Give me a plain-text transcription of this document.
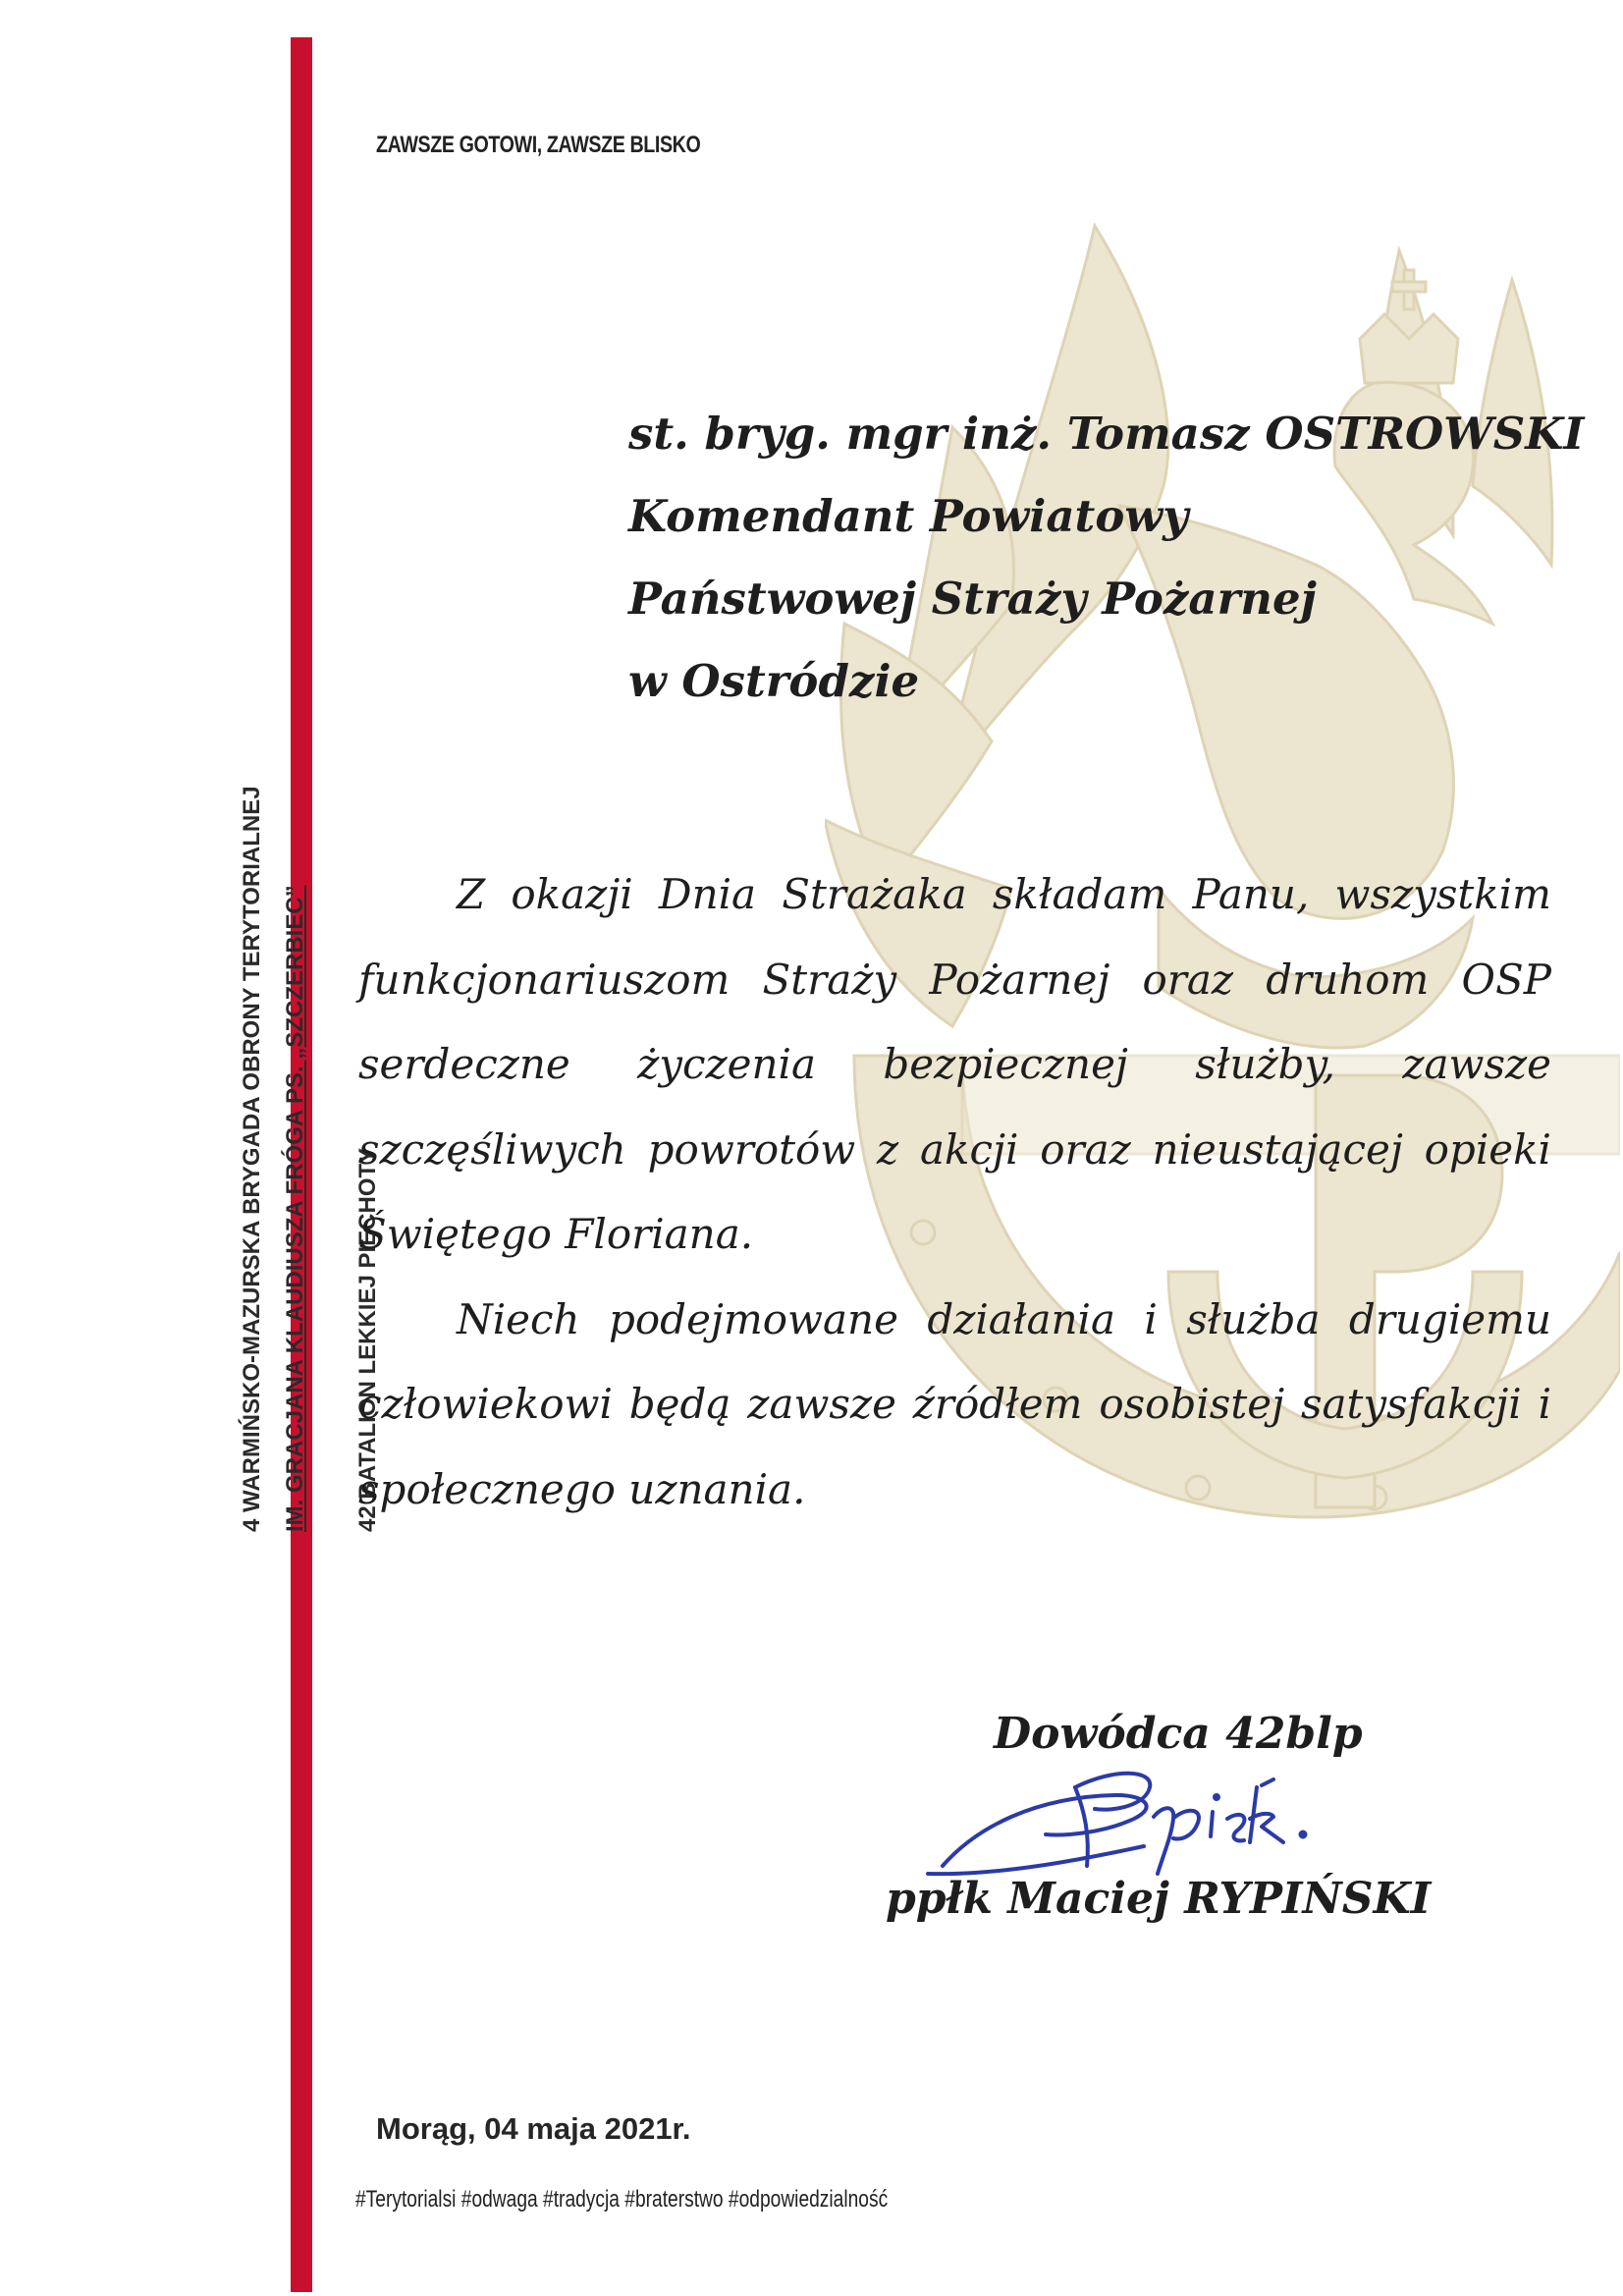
ZAWSZE GOTOWI, ZAWSZE BLISKO
4 WARMIŃSKO-MAZURSKA BRYGADA OBRONY TERYTORIALNEJ IM. GRACJANA KLAUDIUSZA FRÓGA PS. „SZCZERBIEC”	42 BATALION LEKKIEJ PIECHOTY
st. bryg. mgr inż. Tomasz OSTROWSKI
Komendant Powiatowy
Państwowej Straży Pożarnej
w Ostródzie

Z okazji Dnia Strażaka składam Panu, wszystkim funkcjonariuszom Straży Pożarnej oraz druhom OSP serdeczne życzenia bezpiecznej służby, zawsze szczęśliwych powrotów z akcji oraz nieustającej opieki Świętego Floriana.

Niech podejmowane działania i służba drugiemu człowiekowi będą zawsze źródłem osobistej satysfakcji i społecznego uznania.

Dowódca 42blp
ppłk Maciej RYPIŃSKI
Morąg, 04 maja 2021r.
#Terytorialsi #odwaga #tradycja #braterstwo #odpowiedzialność
